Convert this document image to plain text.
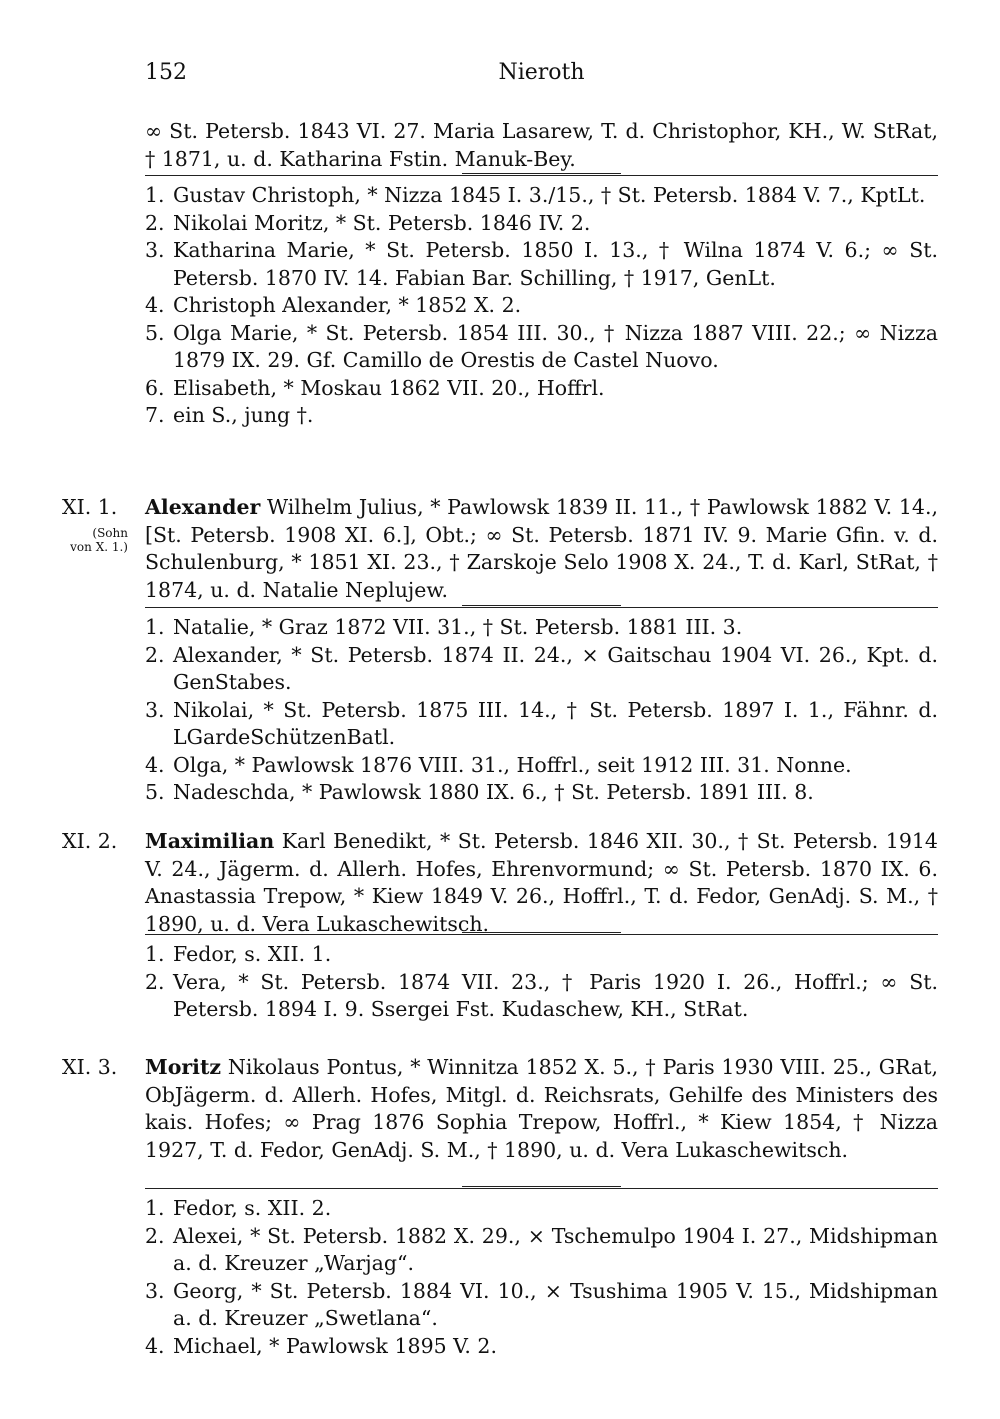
152	Nieroth
∞ St. Petersb. 1843 VI. 27. Maria Lasarew, T. d. Christophor, KH., W. StRat, † 1871, u. d. Katharina Fstin. Manuk-Bey.
1. Gustav Christoph, * Nizza 1845 I. 3./15., † St. Petersb. 1884 V. 7., KptLt.
2. Nikolai Moritz, * St. Petersb. 1846 IV. 2.
3. Katharina Marie, * St. Petersb. 1850 I. 13., † Wilna 1874 V. 6.; ∞ St. Petersb. 1870 IV. 14. Fabian Bar. Schilling, † 1917, GenLt.
4. Christoph Alexander, * 1852 X. 2.
5. Olga Marie, * St. Petersb. 1854 III. 30., † Nizza 1887 VIII. 22.; ∞ Nizza 1879 IX. 29. Gf. Camillo de Orestis de Castel Nuovo.
6. Elisabeth, * Moskau 1862 VII. 20., Hoffrl.
7. ein S., jung †.
XI. 1.
(Sohn von X. 1.)
Alexander Wilhelm Julius, * Pawlowsk 1839 II. 11., † Pawlowsk 1882 V. 14., [St. Petersb. 1908 XI. 6.], Obt.; ∞ St. Petersb. 1871 IV. 9. Marie Gfin. v. d. Schulenburg, * 1851 XI. 23., † Zarskoje Selo 1908 X. 24., T. d. Karl, StRat, † 1874, u. d. Natalie Neplujew.
1. Natalie, * Graz 1872 VII. 31., † St. Petersb. 1881 III. 3.
2. Alexander, * St. Petersb. 1874 II. 24., ⨯ Gaitschau 1904 VI. 26., Kpt. d. GenStabes.
3. Nikolai, * St. Petersb. 1875 III. 14., † St. Petersb. 1897 I. 1., Fähnr. d. LGardeSchützenBatl.
4. Olga, * Pawlowsk 1876 VIII. 31., Hoffrl., seit 1912 III. 31. Nonne.
5. Nadeschda, * Pawlowsk 1880 IX. 6., † St. Petersb. 1891 III. 8.
XI. 2.	Maximilian Karl Benedikt, * St. Petersb. 1846 XII. 30., † St. Petersb. 1914 V. 24., Jägerm. d. Allerh. Hofes, Ehrenvormund; ∞ St. Petersb. 1870 IX. 6. Anastassia Trepow, * Kiew 1849 V. 26., Hoffrl., T. d. Fedor, GenAdj. S. M., † 1890, u. d. Vera Lukaschewitsch.
1. Fedor, s. XII. 1.
2. Vera, * St. Petersb. 1874 VII. 23., † Paris 1920 I. 26., Hoffrl.; ∞ St. Petersb. 1894 I. 9. Ssergei Fst. Kudaschew, KH., StRat.
XI. 3.	Moritz Nikolaus Pontus, * Winnitza 1852 X. 5., † Paris 1930 VIII. 25., GRat, ObJägerm. d. Allerh. Hofes, Mitgl. d. Reichsrats, Gehilfe des Ministers des kais. Hofes; ∞ Prag 1876 Sophia Trepow, Hoffrl., * Kiew 1854, † Nizza 1927, T. d. Fedor, GenAdj. S. M., † 1890, u. d. Vera Lukaschewitsch.
1. Fedor, s. XII. 2.
2. Alexei, * St. Petersb. 1882 X. 29., ⨯ Tschemulpo 1904 I. 27., Midshipman a. d. Kreuzer „Warjag“.
3. Georg, * St. Petersb. 1884 VI. 10., ⨯ Tsushima 1905 V. 15., Midshipman a. d. Kreuzer „Swetlana“.
4. Michael, * Pawlowsk 1895 V. 2.
